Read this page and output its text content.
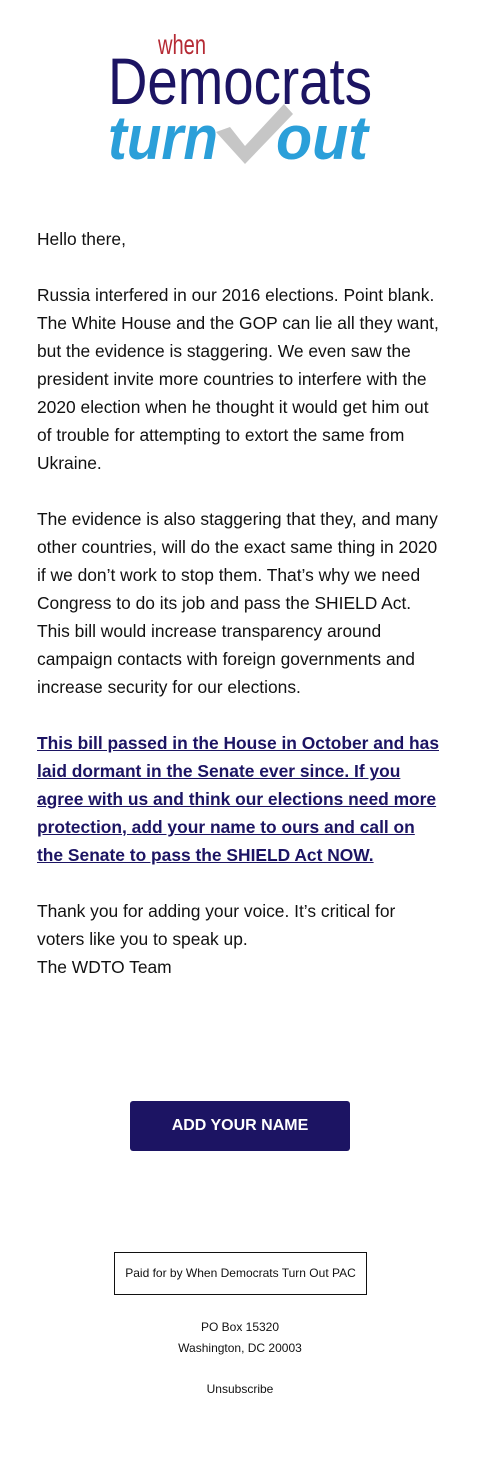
when
Democrats
turn out

Hello there,

Russia interfered in our 2016 elections. Point blank. The White House and the GOP can lie all they want, but the evidence is staggering. We even saw the president invite more countries to interfere with the 2020 election when he thought it would get him out of trouble for attempting to extort the same from Ukraine.

The evidence is also staggering that they, and many other countries, will do the exact same thing in 2020 if we don’t work to stop them. That’s why we need Congress to do its job and pass the SHIELD Act. This bill would increase transparency around campaign contacts with foreign governments and increase security for our elections.

This bill passed in the House in October and has laid dormant in the Senate ever since. If you agree with us and think our elections need more protection, add your name to ours and call on the Senate to pass the SHIELD Act NOW.

Thank you for adding your voice. It’s critical for voters like you to speak up.

The WDTO Team

ADD YOUR NAME
Paid for by When Democrats Turn Out PAC
PO Box 15320
Washington, DC 20003
Unsubscribe
